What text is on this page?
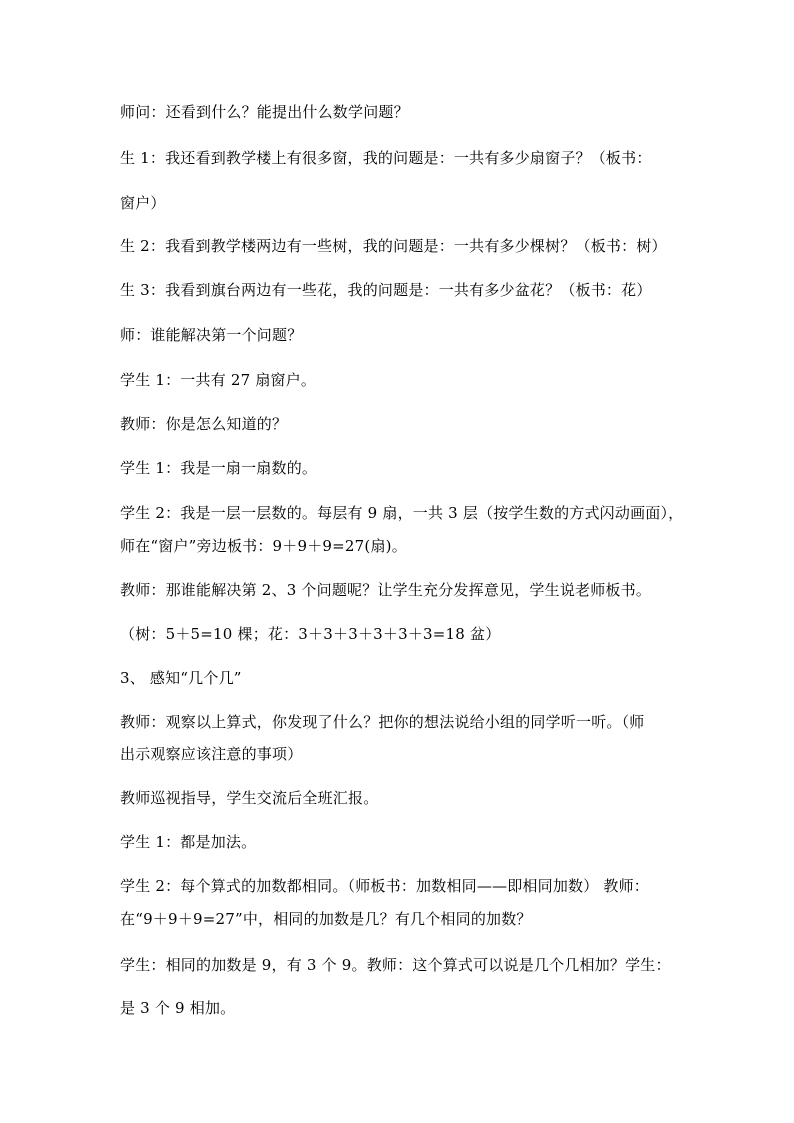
师问：还看到什么？能提出什么数学问题？
生 1：我还看到教学楼上有很多窗，我的问题是：一共有多少扇窗子？（板书：
窗户）
生 2：我看到教学楼两边有一些树，我的问题是：一共有多少棵树？（板书：树）
生 3：我看到旗台两边有一些花，我的问题是：一共有多少盆花？（板书：花）
师：谁能解决第一个问题？
学生 1：一共有 27 扇窗户。
教师：你是怎么知道的？
学生 1：我是一扇一扇数的。
学生 2：我是一层一层数的。每层有 9 扇，一共 3 层（按学生数的方式闪动画面），
师在“窗户”旁边板书：9＋9＋9=27(扇)。
教师：那谁能解决第 2、3 个问题呢？让学生充分发挥意见，学生说老师板书。
（树：5＋5=10 棵；花：3＋3＋3＋3＋3＋3=18 盆）
3、 感知“几个几”
教师：观察以上算式，你发现了什么？把你的想法说给小组的同学听一听。（师
出示观察应该注意的事项）
教师巡视指导，学生交流后全班汇报。
学生 1：都是加法。
学生 2：每个算式的加数都相同。（师板书：加数相同——即相同加数） 教师：
在“9＋9＋9=27”中，相同的加数是几？有几个相同的加数？
学生：相同的加数是 9，有 3 个 9。教师：这个算式可以说是几个几相加？学生：
是 3 个 9 相加。
